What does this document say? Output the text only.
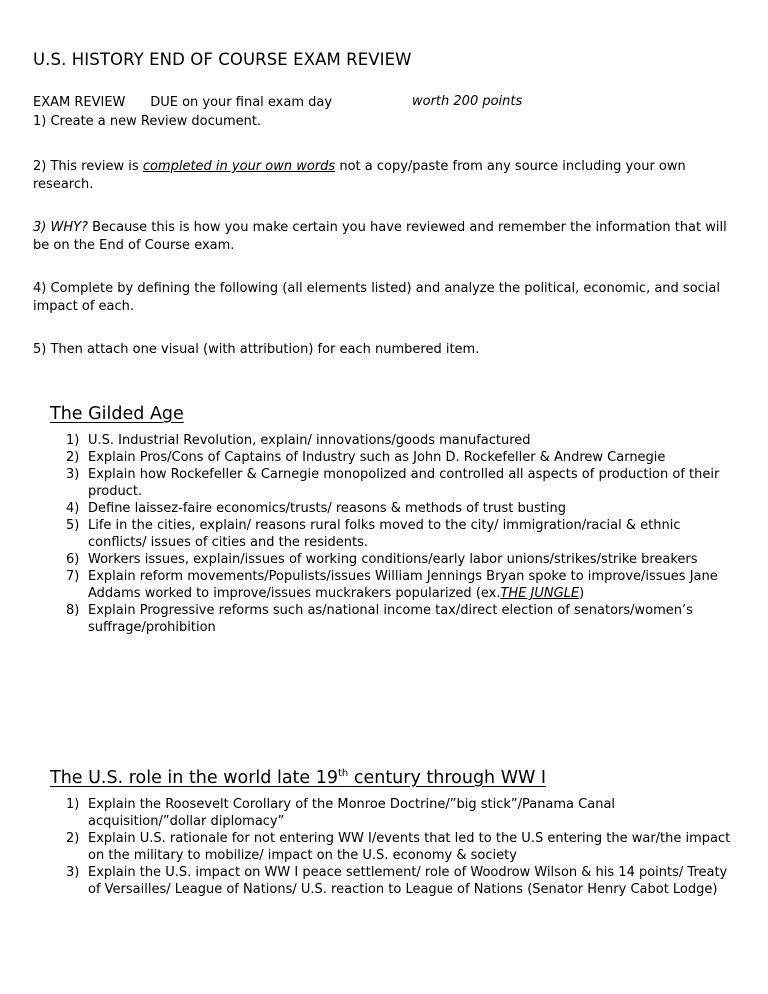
U.S. HISTORY END OF COURSE EXAM REVIEW
EXAM REVIEW DUE on your final exam day	worth 200 points
1) Create a new Review document.
2) This review is completed in your own words not a copy/paste from any source including your own research.
3) WHY? Because this is how you make certain you have reviewed and remember the information that will be on the End of Course exam.
4) Complete by defining the following (all elements listed) and analyze the political, economic, and social impact of each.
5) Then attach one visual (with attribution) for each numbered item.
The Gilded Age
1) U.S. Industrial Revolution, explain/ innovations/goods manufactured
2) Explain Pros/Cons of Captains of Industry such as John D. Rockefeller & Andrew Carnegie
3) Explain how Rockefeller & Carnegie monopolized and controlled all aspects of production of their product.
4) Define laissez-faire economics/trusts/ reasons & methods of trust busting
5) Life in the cities, explain/ reasons rural folks moved to the city/ immigration/racial & ethnic conflicts/ issues of cities and the residents.
6) Workers issues, explain/issues of working conditions/early labor unions/strikes/strike breakers
7) Explain reform movements/Populists/issues William Jennings Bryan spoke to improve/issues Jane Addams worked to improve/issues muckrakers popularized (ex.THE JUNGLE)
8) Explain Progressive reforms such as/national income tax/direct election of senators/women’s suffrage/prohibition
The U.S. role in the world late 19th century through WW I
1) Explain the Roosevelt Corollary of the Monroe Doctrine/”big stick”/Panama Canal acquisition/”dollar diplomacy”
2) Explain U.S. rationale for not entering WW I/events that led to the U.S entering the war/the impact on the military to mobilize/ impact on the U.S. economy & society
3) Explain the U.S. impact on WW I peace settlement/ role of Woodrow Wilson & his 14 points/ Treaty of Versailles/ League of Nations/ U.S. reaction to League of Nations (Senator Henry Cabot Lodge)
